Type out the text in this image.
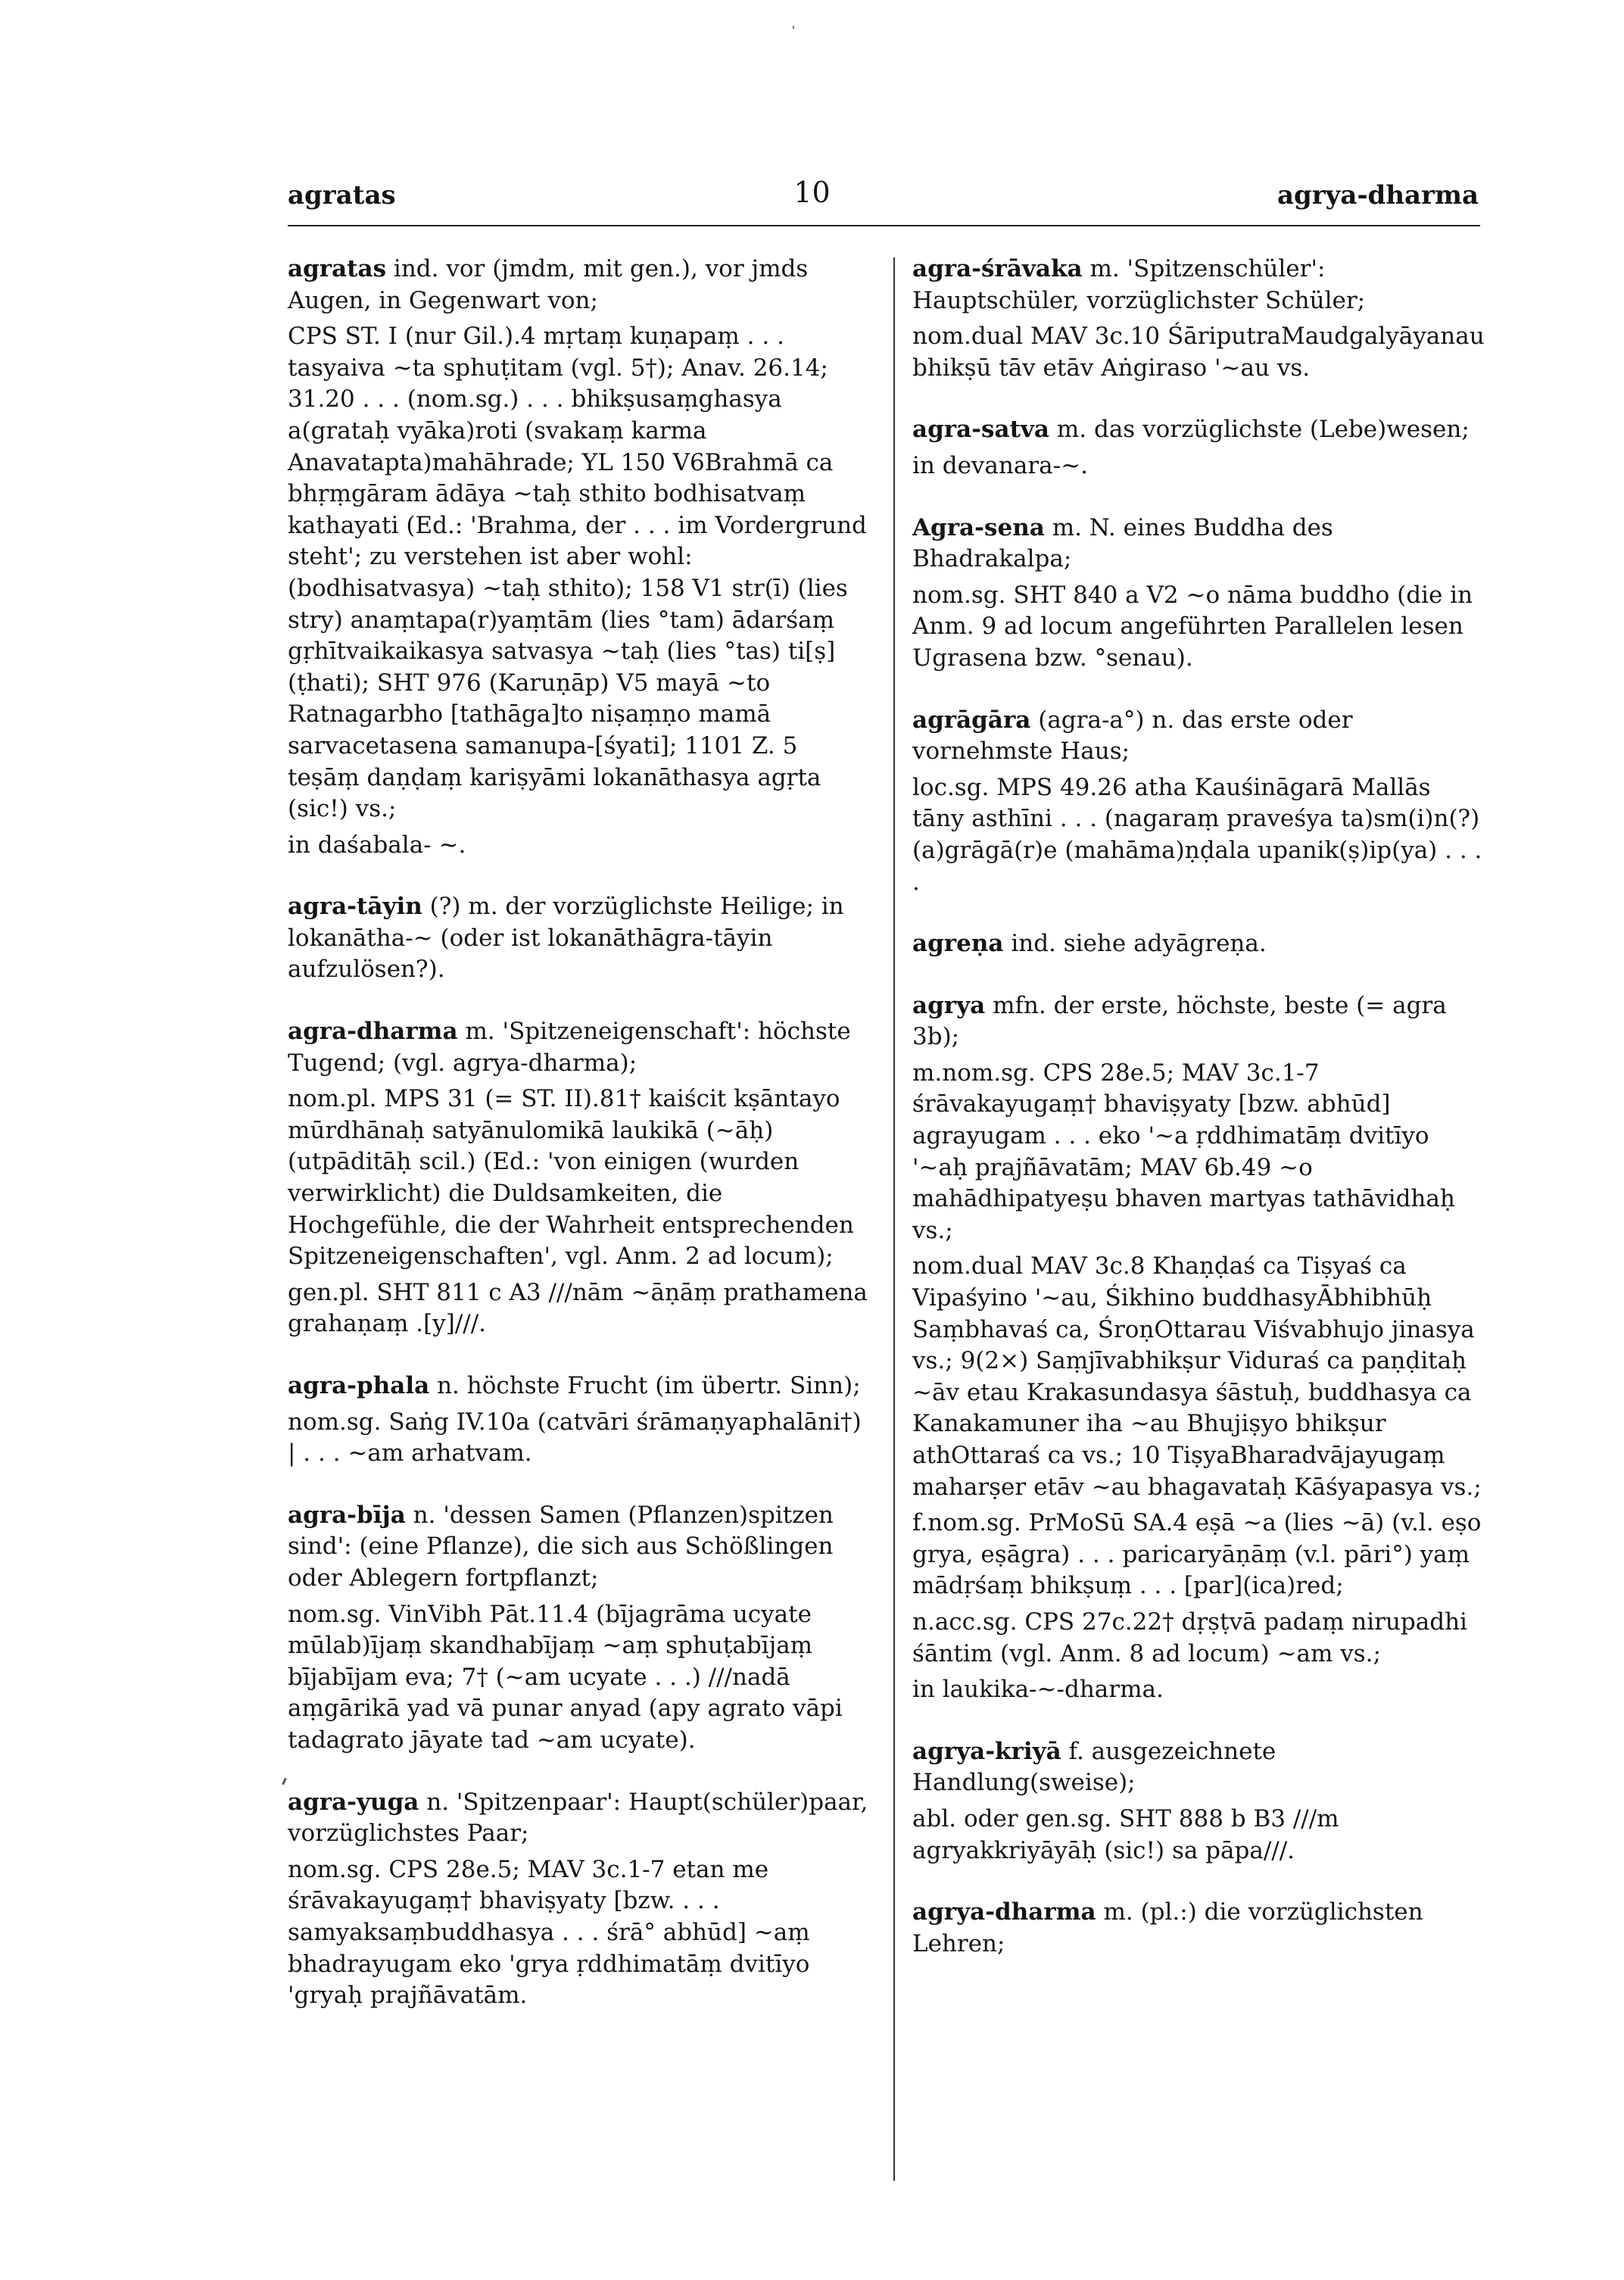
agratas	10	agrya-dharma

agratas ind. vor (jmdm, mit gen.), vor jmds Augen, in Gegenwart von;

CPS ST. I (nur Gil.).4 mṛtaṃ kuṇapaṃ . . . tasyaiva ~ta sphuṭitam (vgl. 5†); Anav. 26.14; 31.20 . . . (nom.sg.) . . . bhikṣusaṃghasya a(grataḥ vyāka)roti (svakaṃ karma Anavatapta)mahāhrade; YL 150 V6Brahmā ca bhṛṃgāram ādāya ~taḥ sthito bodhisatvaṃ kathayati (Ed.: 'Brahma, der . . . im Vordergrund steht'; zu verstehen ist aber wohl: (bodhisatvasya) ~taḥ sthito); 158 V1 str(ī) (lies stry) anaṃtapa(r)yaṃtām (lies °tam) ādarśaṃ gṛhītvaikaikasya satvasya ~taḥ (lies °tas) ti[ṣ](ṭhati); SHT 976 (Karuṇāp) V5 mayā ~to Ratnagarbho [tathāga]to niṣaṃṇo mamā sarvacetasena samanupa-[śyati]; 1101 Z. 5 teṣāṃ daṇḍaṃ kariṣyāmi lokanāthasya agṛta (sic!) vs.;

in daśabala- ~.

agra-tāyin (?) m. der vorzüglichste Heilige; in lokanātha-~ (oder ist lokanāthāgra-tāyin aufzulösen?).

agra-dharma m. 'Spitzeneigenschaft': höchste Tugend; (vgl. agrya-dharma);

nom.pl. MPS 31 (= ST. II).81† kaiścit kṣāntayo mūrdhānaḥ satyānulomikā laukikā (~āḥ) (utpāditāḥ scil.) (Ed.: 'von einigen (wurden verwirklicht) die Duldsamkeiten, die Hochgefühle, die der Wahrheit entsprechenden Spitzeneigenschaften', vgl. Anm. 2 ad locum);

gen.pl. SHT 811 c A3 ///nām ~āṇāṃ prathamena grahaṇaṃ .[y]///.

agra-phala n. höchste Frucht (im übertr. Sinn);

nom.sg. Saṅg IV.10a (catvāri śrāmaṇyaphalāni†) | . . . ~am arhatvam.

agra-bīja n. 'dessen Samen (Pflanzen)spitzen sind': (eine Pflanze), die sich aus Schößlingen oder Ablegern fortpflanzt;

nom.sg. VinVibh Pāt.11.4 (bījagrāma ucyate mūlab)ījaṃ skandhabījaṃ ~aṃ sphuṭabījaṃ bījabījam eva; 7† (~am ucyate . . .) ///nadā aṃgārikā yad vā punar anyad (apy agrato vāpi tadagrato jāyate tad ~am ucyate).

agra-yuga n. 'Spitzenpaar': Haupt(schüler)paar, vorzüglichstes Paar;

nom.sg. CPS 28e.5; MAV 3c.1-7 etan me śrāvakayugaṃ† bhaviṣyaty [bzw. . . . samyaksaṃbuddhasya . . . śrā° abhūd] ~aṃ bhadrayugam eko 'grya ṛddhimatāṃ dvitīyo 'gryaḥ prajñāvatām.

agra-śrāvaka m. 'Spitzenschüler': Hauptschüler, vorzüglichster Schüler;

nom.dual MAV 3c.10 ŚāriputraMaudgalyāyanau bhikṣū tāv etāv Aṅgiraso '~au vs.

agra-satva m. das vorzüglichste (Lebe)wesen;

in devanara-~.

Agra-sena m. N. eines Buddha des Bhadrakalpa;

nom.sg. SHT 840 a V2 ~o nāma buddho (die in Anm. 9 ad locum angeführten Parallelen lesen Ugrasena bzw. °senau).

agrāgāra (agra-a°) n. das erste oder vornehmste Haus;

loc.sg. MPS 49.26 atha Kauśināgarā Mallās tāny asthīni . . . (nagaraṃ praveśya ta)sm(i)n(?) (a)grāgā(r)e (mahāma)ṇḍala upanik(ṣ)ip(ya) . . . .

agreṇa ind. siehe adyāgreṇa.

agrya mfn. der erste, höchste, beste (= agra 3b);

m.nom.sg. CPS 28e.5; MAV 3c.1-7 śrāvakayugaṃ† bhaviṣyaty [bzw. abhūd] agrayugam . . . eko '~a ṛddhimatāṃ dvitīyo '~aḥ prajñāvatām; MAV 6b.49 ~o mahādhipatyeṣu bhaven martyas tathāvidhaḥ vs.;

nom.dual MAV 3c.8 Khaṇḍaś ca Tiṣyaś ca Vipaśyino '~au, Śikhino buddhasyĀbhibhūḥ Saṃbhavaś ca, ŚroṇOttarau Viśvabhujo jinasya vs.; 9(2×) Saṃjīvabhikṣur Viduraś ca paṇḍitaḥ ~āv etau Krakasundasya śāstuḥ, buddhasya ca Kanakamuner iha ~au Bhujiṣyo bhikṣur athOttaraś ca vs.; 10 TiṣyaBharadvājayugaṃ maharṣer etāv ~au bhagavataḥ Kāśyapasya vs.;

f.nom.sg. PrMoSū SA.4 eṣā ~a (lies ~ā) (v.l. eṣo grya, eṣāgra) . . . paricaryāṇāṃ (v.l. pāri°) yaṃ mādṛśaṃ bhikṣuṃ . . . [par](ica)red;

n.acc.sg. CPS 27c.22† dṛṣṭvā padaṃ nirupadhi śāntim (vgl. Anm. 8 ad locum) ~am vs.;

in laukika-~-dharma.

agrya-kriyā f. ausgezeichnete Handlung(sweise);

abl. oder gen.sg. SHT 888 b B3 ///m agryakkriyāyāḥ (sic!) sa pāpa///.

agrya-dharma m. (pl.:) die vorzüglichsten Lehren;
